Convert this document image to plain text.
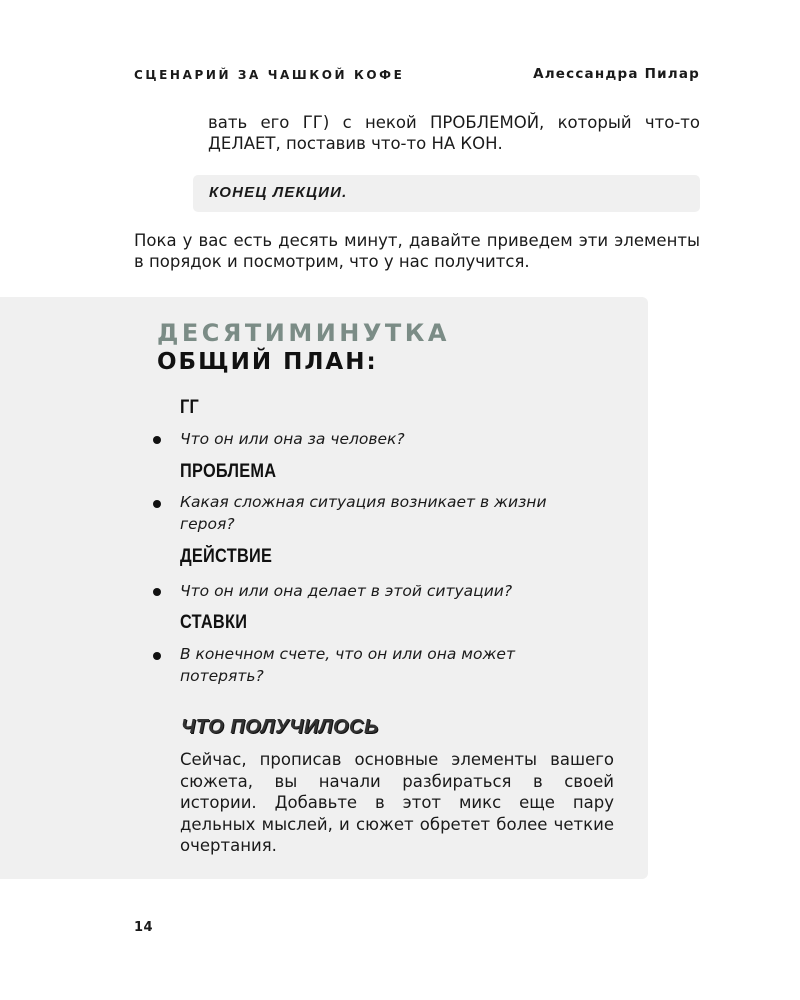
СЦЕНАРИЙ ЗА ЧАШКОЙ КОФЕ	Алессандра Пилар
вать его ГГ) с некой ПРОБЛЕМОЙ, который что-то ДЕЛАЕТ, поставив что-то НА КОН.
КОНЕЦ ЛЕКЦИИ.
Пока у вас есть десять минут, давайте приведем эти элементы в порядок и посмотрим, что у нас получится.
ДЕСЯТИМИНУТКА
ОБЩИЙ ПЛАН:
ГГ
Что он или она за человек?
ПРОБЛЕМА
Какая сложная ситуация возникает в жизни героя?
ДЕЙСТВИЕ
Что он или она делает в этой ситуации?
СТАВКИ
В конечном счете, что он или она может потерять?
ЧТО ПОЛУЧИЛОСЬ
Сейчас, прописав основные элементы вашего сюжета, вы начали разбираться в своей истории. Добавьте в этот микс еще пару дельных мыслей, и сюжет обретет более четкие очертания.
14
